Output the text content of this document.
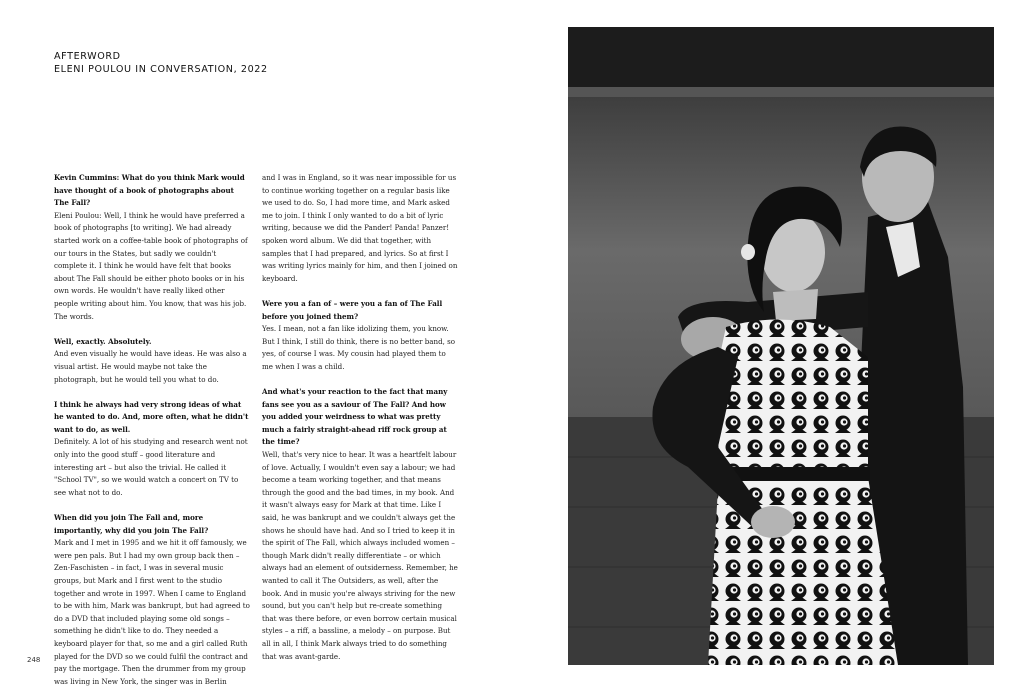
AFTERWORD
ELENI POULOU IN CONVERSATION, 2022
Kevin Cummins: What do you think Mark would have thought of a book of photographs about The Fall?
Eleni Poulou: Well, I think he would have preferred a book of photographs [to writing]. We had already started work on a coffee-table book of photographs of our tours in the States, but sadly we couldn't complete it. I think he would have felt that books about The Fall should be either photo books or in his own words. He wouldn't have really liked other people writing about him. You know, that was his job. The words.
Well, exactly. Absolutely.
And even visually he would have ideas. He was also a visual artist. He would maybe not take the photograph, but he would tell you what to do.
I think he always had very strong ideas of what he wanted to do. And, more often, what he didn't want to do, as well.
Definitely. A lot of his studying and research went not only into the good stuff – good literature and interesting art – but also the trivial. He called it "School TV", so we would watch a concert on TV to see what not to do.
When did you join The Fall and, more importantly, why did you join The Fall?
Mark and I met in 1995 and we hit it off famously, we were pen pals. But I had my own group back then – Zen-Faschisten – in fact, I was in several music groups, but Mark and I first went to the studio together and wrote in 1997. When I came to England to be with him, Mark was bankrupt, but had agreed to do a DVD that included playing some old songs – something he didn't like to do. They needed a keyboard player for that, so me and a girl called Ruth played for the DVD so we could fulfil the contract and pay the mortgage. Then the drummer from my group was living in New York, the singer was in Berlin
and I was in England, so it was near impossible for us to continue working together on a regular basis like we used to do. So, I had more time, and Mark asked me to join. I think I only wanted to do a bit of lyric writing, because we did the Pander! Panda! Panzer! spoken word album. We did that together, with samples that I had prepared, and lyrics. So at first I was writing lyrics mainly for him, and then I joined on keyboard.
Were you a fan of – were you a fan of The Fall before you joined them?
Yes. I mean, not a fan like idolizing them, you know. But I think, I still do think, there is no better band, so yes, of course I was. My cousin had played them to me when I was a child.
And what's your reaction to the fact that many fans see you as a saviour of The Fall? And how you added your weirdness to what was pretty much a fairly straight-ahead riff rock group at the time?
Well, that's very nice to hear. It was a heartfelt labour of love. Actually, I wouldn't even say a labour; we had become a team working together, and that means through the good and the bad times, in my book. And it wasn't always easy for Mark at that time. Like I said, he was bankrupt and we couldn't always get the shows he should have had. And so I tried to keep it in the spirit of The Fall, which always included women – though Mark didn't really differentiate – or which always had an element of outsiderness. Remember, he wanted to call it The Outsiders, as well, after the book. And in music you're always striving for the new sound, but you can't help but re-create something that was there before, or even borrow certain musical styles – a riff, a bassline, a melody – on purpose. But all in all, I think Mark always tried to do something that was avant-garde.
248
